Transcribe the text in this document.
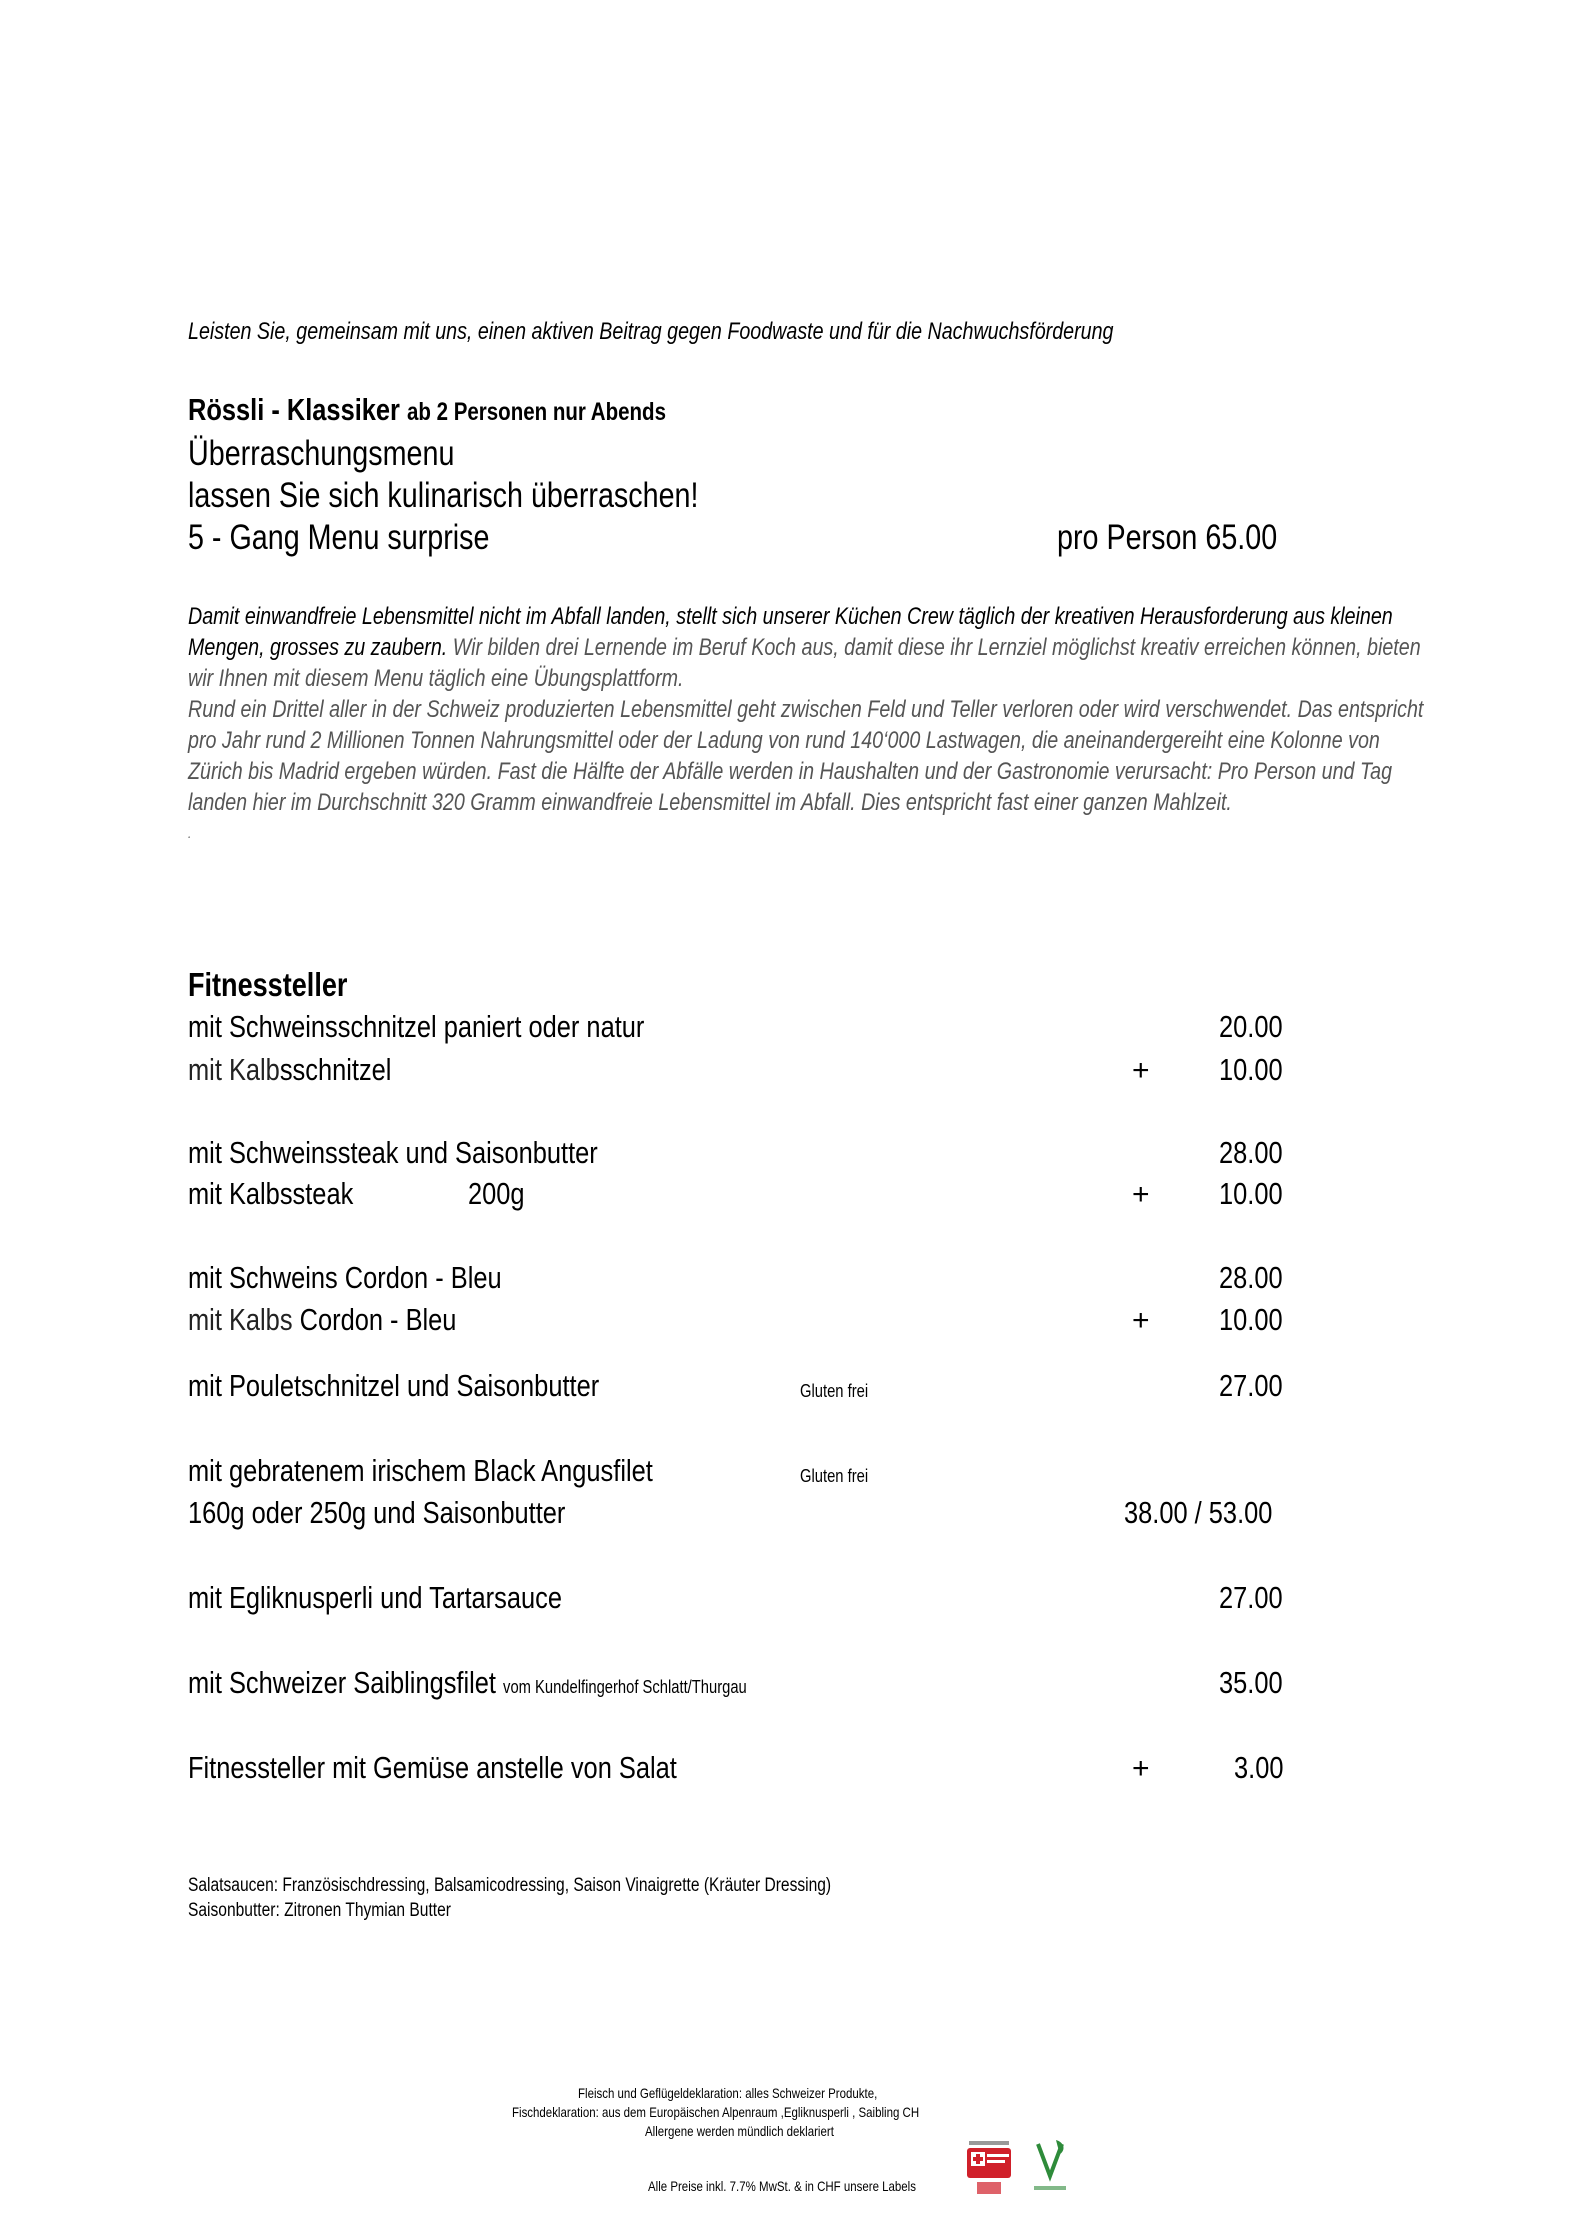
Leisten Sie, gemeinsam mit uns, einen aktiven Beitrag gegen Foodwaste und für die Nachwuchsförderung
Rössli - Klassiker ab 2 Personen nur Abends
Überraschungsmenu
lassen Sie sich kulinarisch überraschen!
5 - Gang Menu surprise	pro Person 65.00

Damit einwandfreie Lebensmittel nicht im Abfall landen, stellt sich unserer Küchen Crew täglich der kreativen Herausforderung aus kleinen Mengen, grosses zu zaubern. Wir bilden drei Lernende im Beruf Koch aus, damit diese ihr Lernziel möglichst kreativ erreichen können, bieten wir Ihnen mit diesem Menu täglich eine Übungsplattform.

Rund ein Drittel aller in der Schweiz produzierten Lebensmittel geht zwischen Feld und Teller verloren oder wird verschwendet. Das entspricht pro Jahr rund 2 Millionen Tonnen Nahrungsmittel oder der Ladung von rund 140‘000 Lastwagen, die aneinandergereiht eine Kolonne von Zürich bis Madrid ergeben würden. Fast die Hälfte der Abfälle werden in Haushalten und der Gastronomie verursacht: Pro Person und Tag landen hier im Durchschnitt 320 Gramm einwandfreie Lebensmittel im Abfall. Dies entspricht fast einer ganzen Mahlzeit.

.

Fitnessteller
mit Schweinsschnitzel paniert oder natur	20.00
mit Kalbsschnitzel	+ 10.00
mit Schweinssteak und Saisonbutter	28.00
mit Kalbssteak	200g	+ 10.00
mit Schweins Cordon - Bleu	28.00
mit Kalbs Cordon - Bleu	+ 10.00
mit Pouletschnitzel und Saisonbutter	Gluten frei	27.00
mit gebratenem irischem Black Angusfilet	Gluten frei
160g oder 250g und Saisonbutter	38.00 / 53.00
mit Egliknusperli und Tartarsauce	27.00
mit Schweizer Saiblingsfilet vom Kundelfingerhof Schlatt/Thurgau	35.00
Fitnessteller mit Gemüse anstelle von Salat	+	3.00
Salatsaucen: Französischdressing, Balsamicodressing, Saison Vinaigrette (Kräuter Dressing)
Saisonbutter: Zitronen Thymian Butter
Fleisch und Geflügeldeklaration: alles Schweizer Produkte,
Fischdeklaration: aus dem Europäischen Alpenraum ,Egliknusperli , Saibling CH
Allergene werden mündlich deklariert
Alle Preise inkl. 7.7% MwSt. & in CHF unsere Labels
